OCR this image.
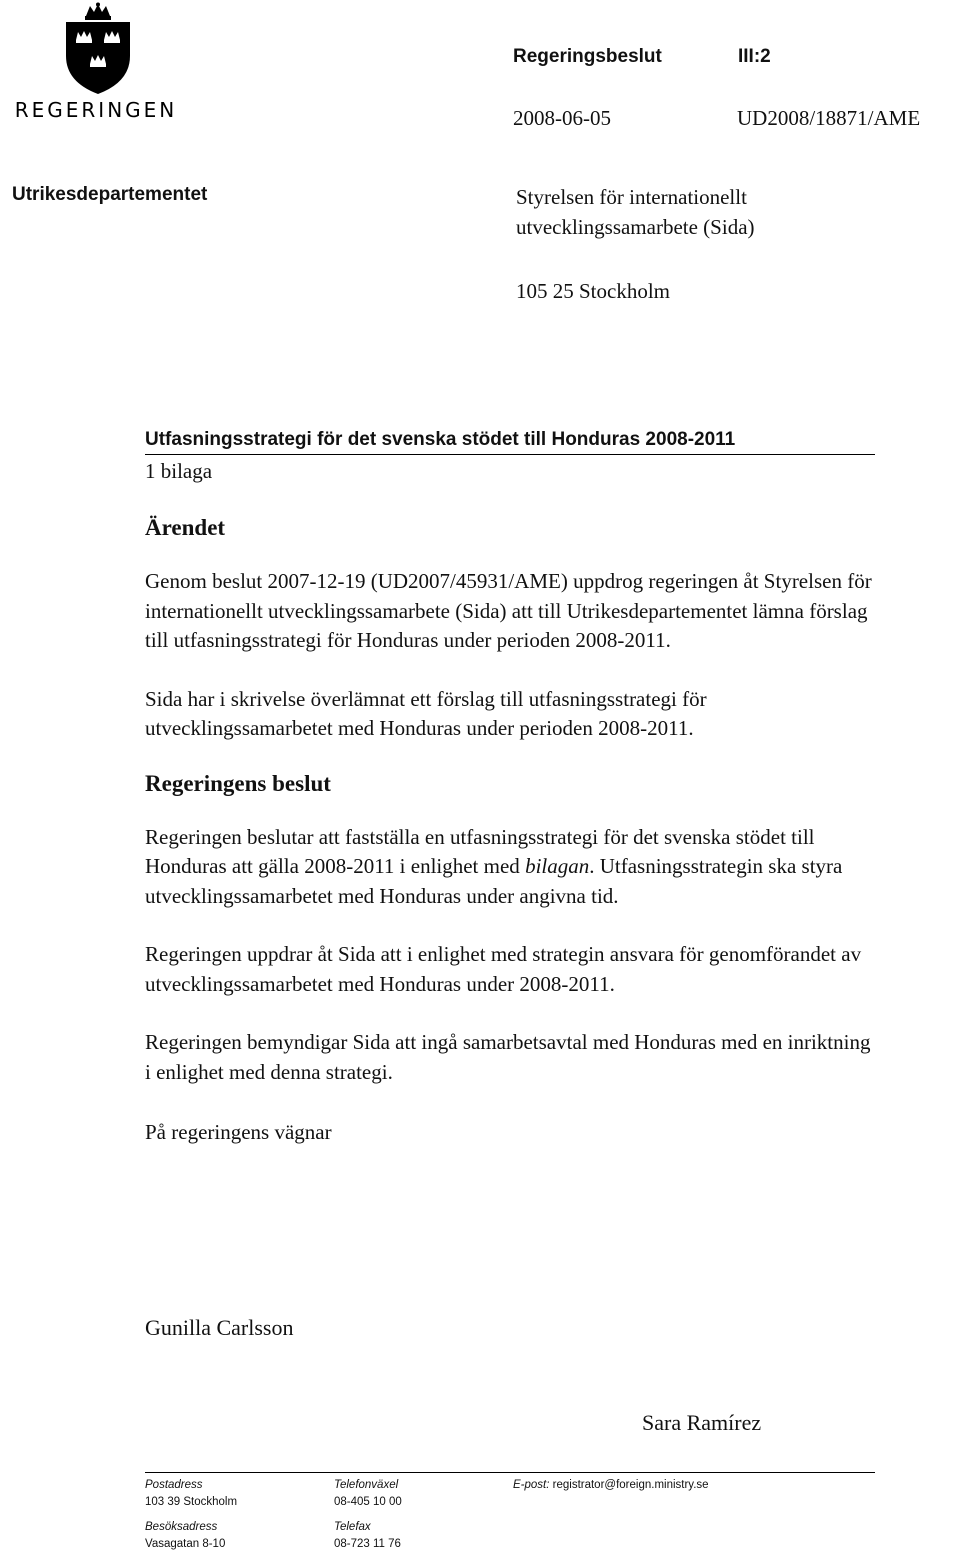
REGERINGEN
Regeringsbeslut	III:2
2008-06-05	UD2008/18871/AME
Utrikesdepartementet	Styrelsen för internationellt
utvecklingssamarbete (Sida)
105 25 Stockholm
Utfasningsstrategi för det svenska stödet till Honduras 2008-2011
1 bilaga
Ärendet

Genom beslut 2007-12-19 (UD2007/45931/AME) uppdrog regeringen åt Styrelsen för internationellt utvecklingssamarbete (Sida) att till Utrikesdepartementet lämna förslag till utfasningsstrategi för Honduras under perioden 2008-2011.

Sida har i skrivelse överlämnat ett förslag till utfasningsstrategi för utvecklingssamarbetet med Honduras under perioden 2008-2011.

Regeringens beslut

Regeringen beslutar att fastställa en utfasningsstrategi för det svenska stödet till Honduras att gälla 2008-2011 i enlighet med bilagan. Utfasningsstrategin ska styra utvecklingssamarbetet med Honduras under angivna tid.

Regeringen uppdrar åt Sida att i enlighet med strategin ansvara för genomförandet av utvecklingssamarbetet med Honduras under 2008-2011.

Regeringen bemyndigar Sida att ingå samarbetsavtal med Honduras med en inriktning i enlighet med denna strategi.

På regeringens vägnar

Gunilla Carlsson
Sara Ramírez
Postadress
103 39 Stockholm
Besöksadress
Vasagatan 8-10
Telefonväxel
08-405 10 00
Telefax
08-723 11 76
E-post: registrator@foreign.ministry.se
